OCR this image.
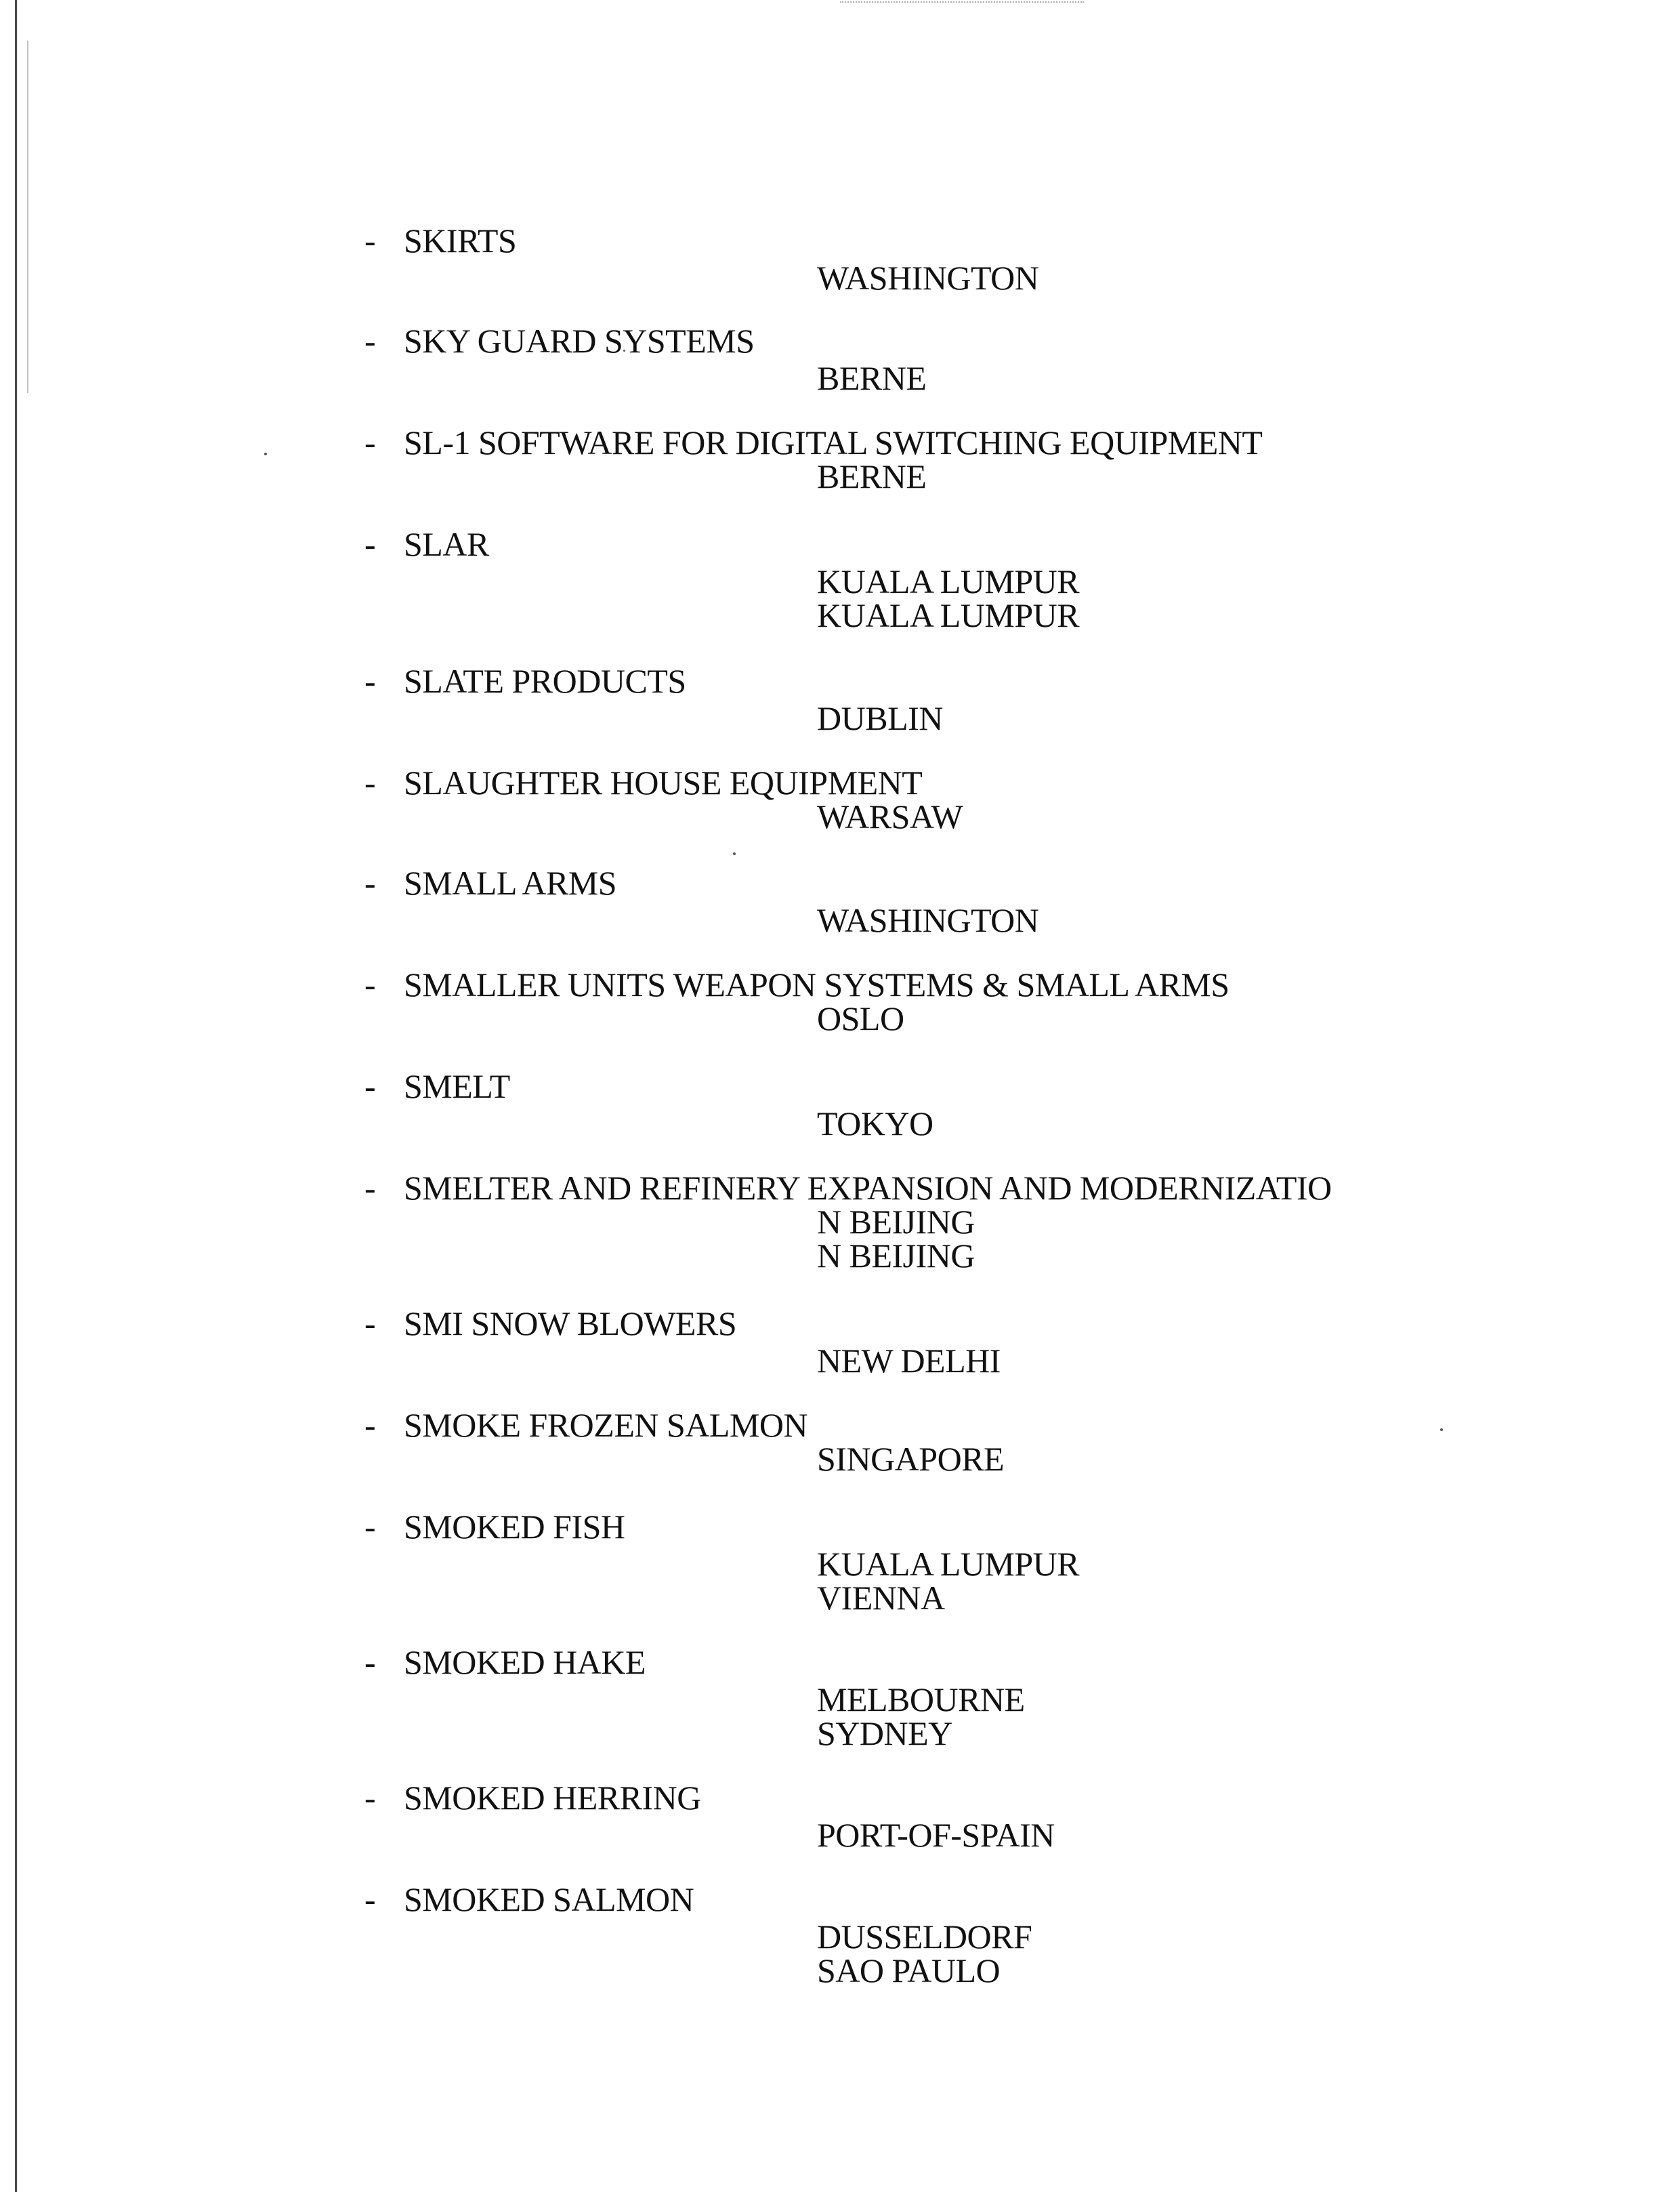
- SKIRTS
WASHINGTON
- SKY GUARD SYSTEMS
BERNE
- SL-1 SOFTWARE FOR DIGITAL SWITCHING EQUIPMENT
BERNE
- SLAR
KUALA LUMPUR
KUALA LUMPUR
- SLATE PRODUCTS
DUBLIN
- SLAUGHTER HOUSE EQUIPMENT
WARSAW
- SMALL ARMS
WASHINGTON
- SMALLER UNITS WEAPON SYSTEMS & SMALL ARMS
OSLO
- SMELT
TOKYO
- SMELTER AND REFINERY EXPANSION AND MODERNIZATIO
N BEIJING
N BEIJING
- SMI SNOW BLOWERS
NEW DELHI
- SMOKE FROZEN SALMON
SINGAPORE
- SMOKED FISH
KUALA LUMPUR
VIENNA
- SMOKED HAKE
MELBOURNE
SYDNEY
- SMOKED HERRING
PORT-OF-SPAIN
- SMOKED SALMON
DUSSELDORF
SAO PAULO
